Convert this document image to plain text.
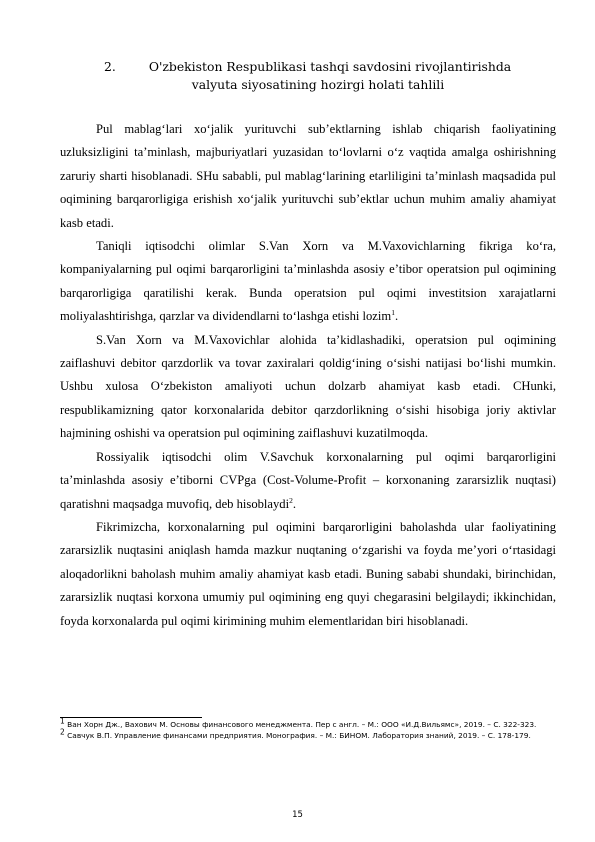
2.	O'zbekiston Respublikasi tashqi savdosini rivojlantirishda
valyuta siyosatining hozirgi holati tahlili

Pul mablag‘lari xo‘jalik yurituvchi sub’ektlarning ishlab chiqarish faoliyatining uzluksizligini ta’minlash, majburiyatlari yuzasidan to‘lovlarni o‘z vaqtida amalga oshirishning zaruriy sharti hisoblanadi. SHu sababli, pul mablag‘larining etarliligini ta’minlash maqsadida pul oqimining barqarorligiga erishish xo‘jalik yurituvchi sub’ektlar uchun muhim amaliy ahamiyat kasb etadi.

Taniqli iqtisodchi olimlar S.Van Xorn va M.Vaxovichlarning fikriga ko‘ra, kompaniyalarning pul oqimi barqarorligini ta’minlashda asosiy e’tibor operatsion pul oqimining barqarorligiga qaratilishi kerak. Bunda operatsion pul oqimi investitsion xarajatlarni moliyalashtirishga, qarzlar va dividendlarni to‘lashga etishi lozim$^1$.

S.Van Xorn va M.Vaxovichlar alohida ta’kidlashadiki, operatsion pul oqimining zaiflashuvi debitor qarzdorlik va tovar zaxiralari qoldig‘ining o‘sishi natijasi bo‘lishi mumkin. Ushbu xulosa O‘zbekiston amaliyoti uchun dolzarb ahamiyat kasb etadi. CHunki, respublikamizning qator korxonalarida debitor qarzdorlikning o‘sishi hisobiga joriy aktivlar hajmining oshishi va operatsion pul oqimining zaiflashuvi kuzatilmoqda.

Rossiyalik iqtisodchi olim V.Savchuk korxonalarning pul oqimi barqarorligini ta’minlashda asosiy e’tiborni CVPga (Cost-Volume-Profit – korxonaning zararsizlik nuqtasi) qaratishni maqsadga muvofiq, deb hisoblaydi$^2$.

Fikrimizcha, korxonalarning pul oqimini barqarorligini baholashda ular faoliyatining zararsizlik nuqtasini aniqlash hamda mazkur nuqtaning o‘zgarishi va foyda me’yori o‘rtasidagi aloqadorlikni baholash muhim amaliy ahamiyat kasb etadi. Buning sababi shundaki, birinchidan, zararsizlik nuqtasi korxona umumiy pul oqimining eng quyi chegarasini belgilaydi; ikkinchidan, foyda korxonalarda pul oqimi kirimining muhim elementlaridan biri hisoblanadi.

$^1$ Ван Хорн Дж., Вахович М. Основы финансового менеджмента. Пер с англ. – М.: ООО «И.Д.Вильямс», 2019. – С. 322-323.

$^2$ Савчук В.П. Управление финансами предприятия. Монография. – М.: БИНОМ. Лаборатория знаний, 2019. – С. 178-179.

15
